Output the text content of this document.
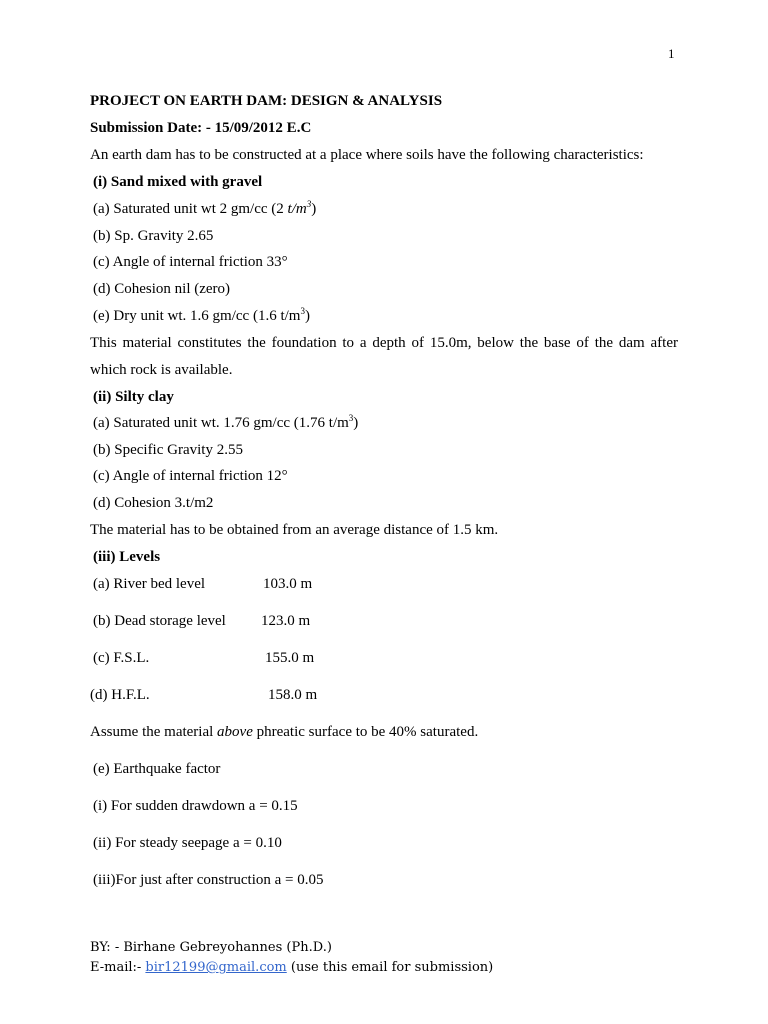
1
PROJECT ON EARTH DAM: DESIGN & ANALYSIS
Submission Date: - 15/09/2012 E.C
An earth dam has to be constructed at a place where soils have the following characteristics:
(i) Sand mixed with gravel
(a) Saturated unit wt 2 gm/cc (2 $t/m^3$)
(b) Sp. Gravity 2.65
(c) Angle of internal friction 33°
(d) Cohesion nil (zero)
(e) Dry unit wt. 1.6 gm/cc (1.6 $t/m^3$)
This material constitutes the foundation to a depth of 15.0m, below the base of the dam after
which rock is available.
(ii) Silty clay
(a) Saturated unit wt. 1.76 gm/cc (1.76 $t/m^3$)
(b) Specific Gravity 2.55
(c) Angle of internal friction 12°
(d) Cohesion 3.t/m2
The material has to be obtained from an average distance of 1.5 km.
(iii) Levels
(a) River bed level	103.0 m
(b) Dead storage level 123.0 m
(c) F.S.L.	155.0 m
(d) H.F.L.	158.0 m
Assume the material above phreatic surface to be 40% saturated.
(e) Earthquake factor
(i) For sudden drawdown a = 0.15
(ii) For steady seepage a = 0.10
(iii)For just after construction a = 0.05
BY: - Birhane Gebreyohannes (Ph.D.)
E-mail:- bir12199@gmail.com (use this email for submission)
